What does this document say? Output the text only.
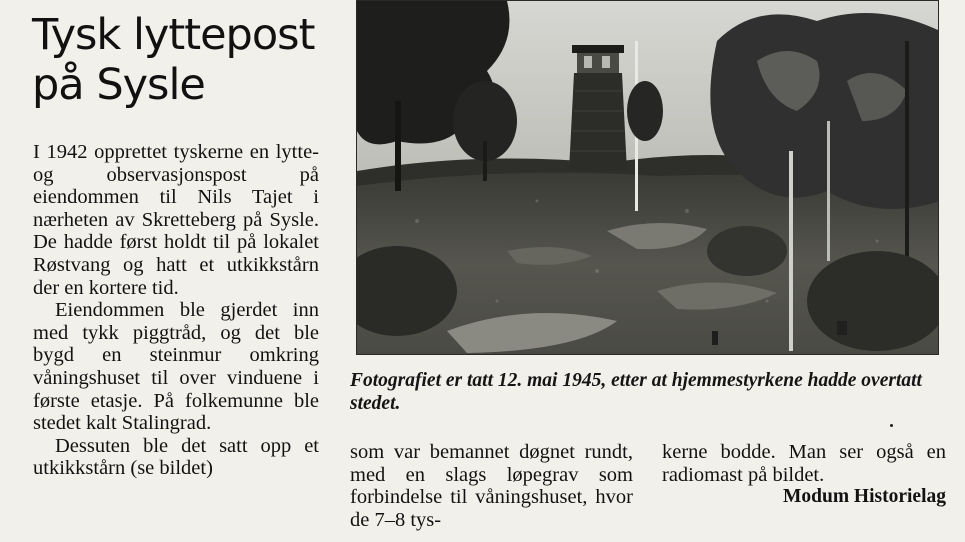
Tysk lyttepost
på Sysle

I 1942 opprettet tyskerne en lytte- og observasjonspost på eiendommen til Nils Tajet i nærheten av Skretteberg på Sysle. De hadde først holdt til på lokalet Røstvang og hatt et utkikkstårn der en kortere tid.

Eiendommen ble gjerdet inn med tykk piggtråd, og det ble bygd en steinmur omkring våningshuset til over vinduene i første etasje. På folkemunne ble stedet kalt Stalingrad.

Dessuten ble det satt opp et utkikkstårn (se bildet)

Fotografiet er tatt 12. mai 1945, etter at hjemmestyrkene hadde overtatt stedet.

som var bemannet døgnet rundt, med en slags løpegrav som forbindelse til våningshuset, hvor de 7–8 tys-

kerne bodde. Man ser også en radiomast på bildet.

Modum Historielag
